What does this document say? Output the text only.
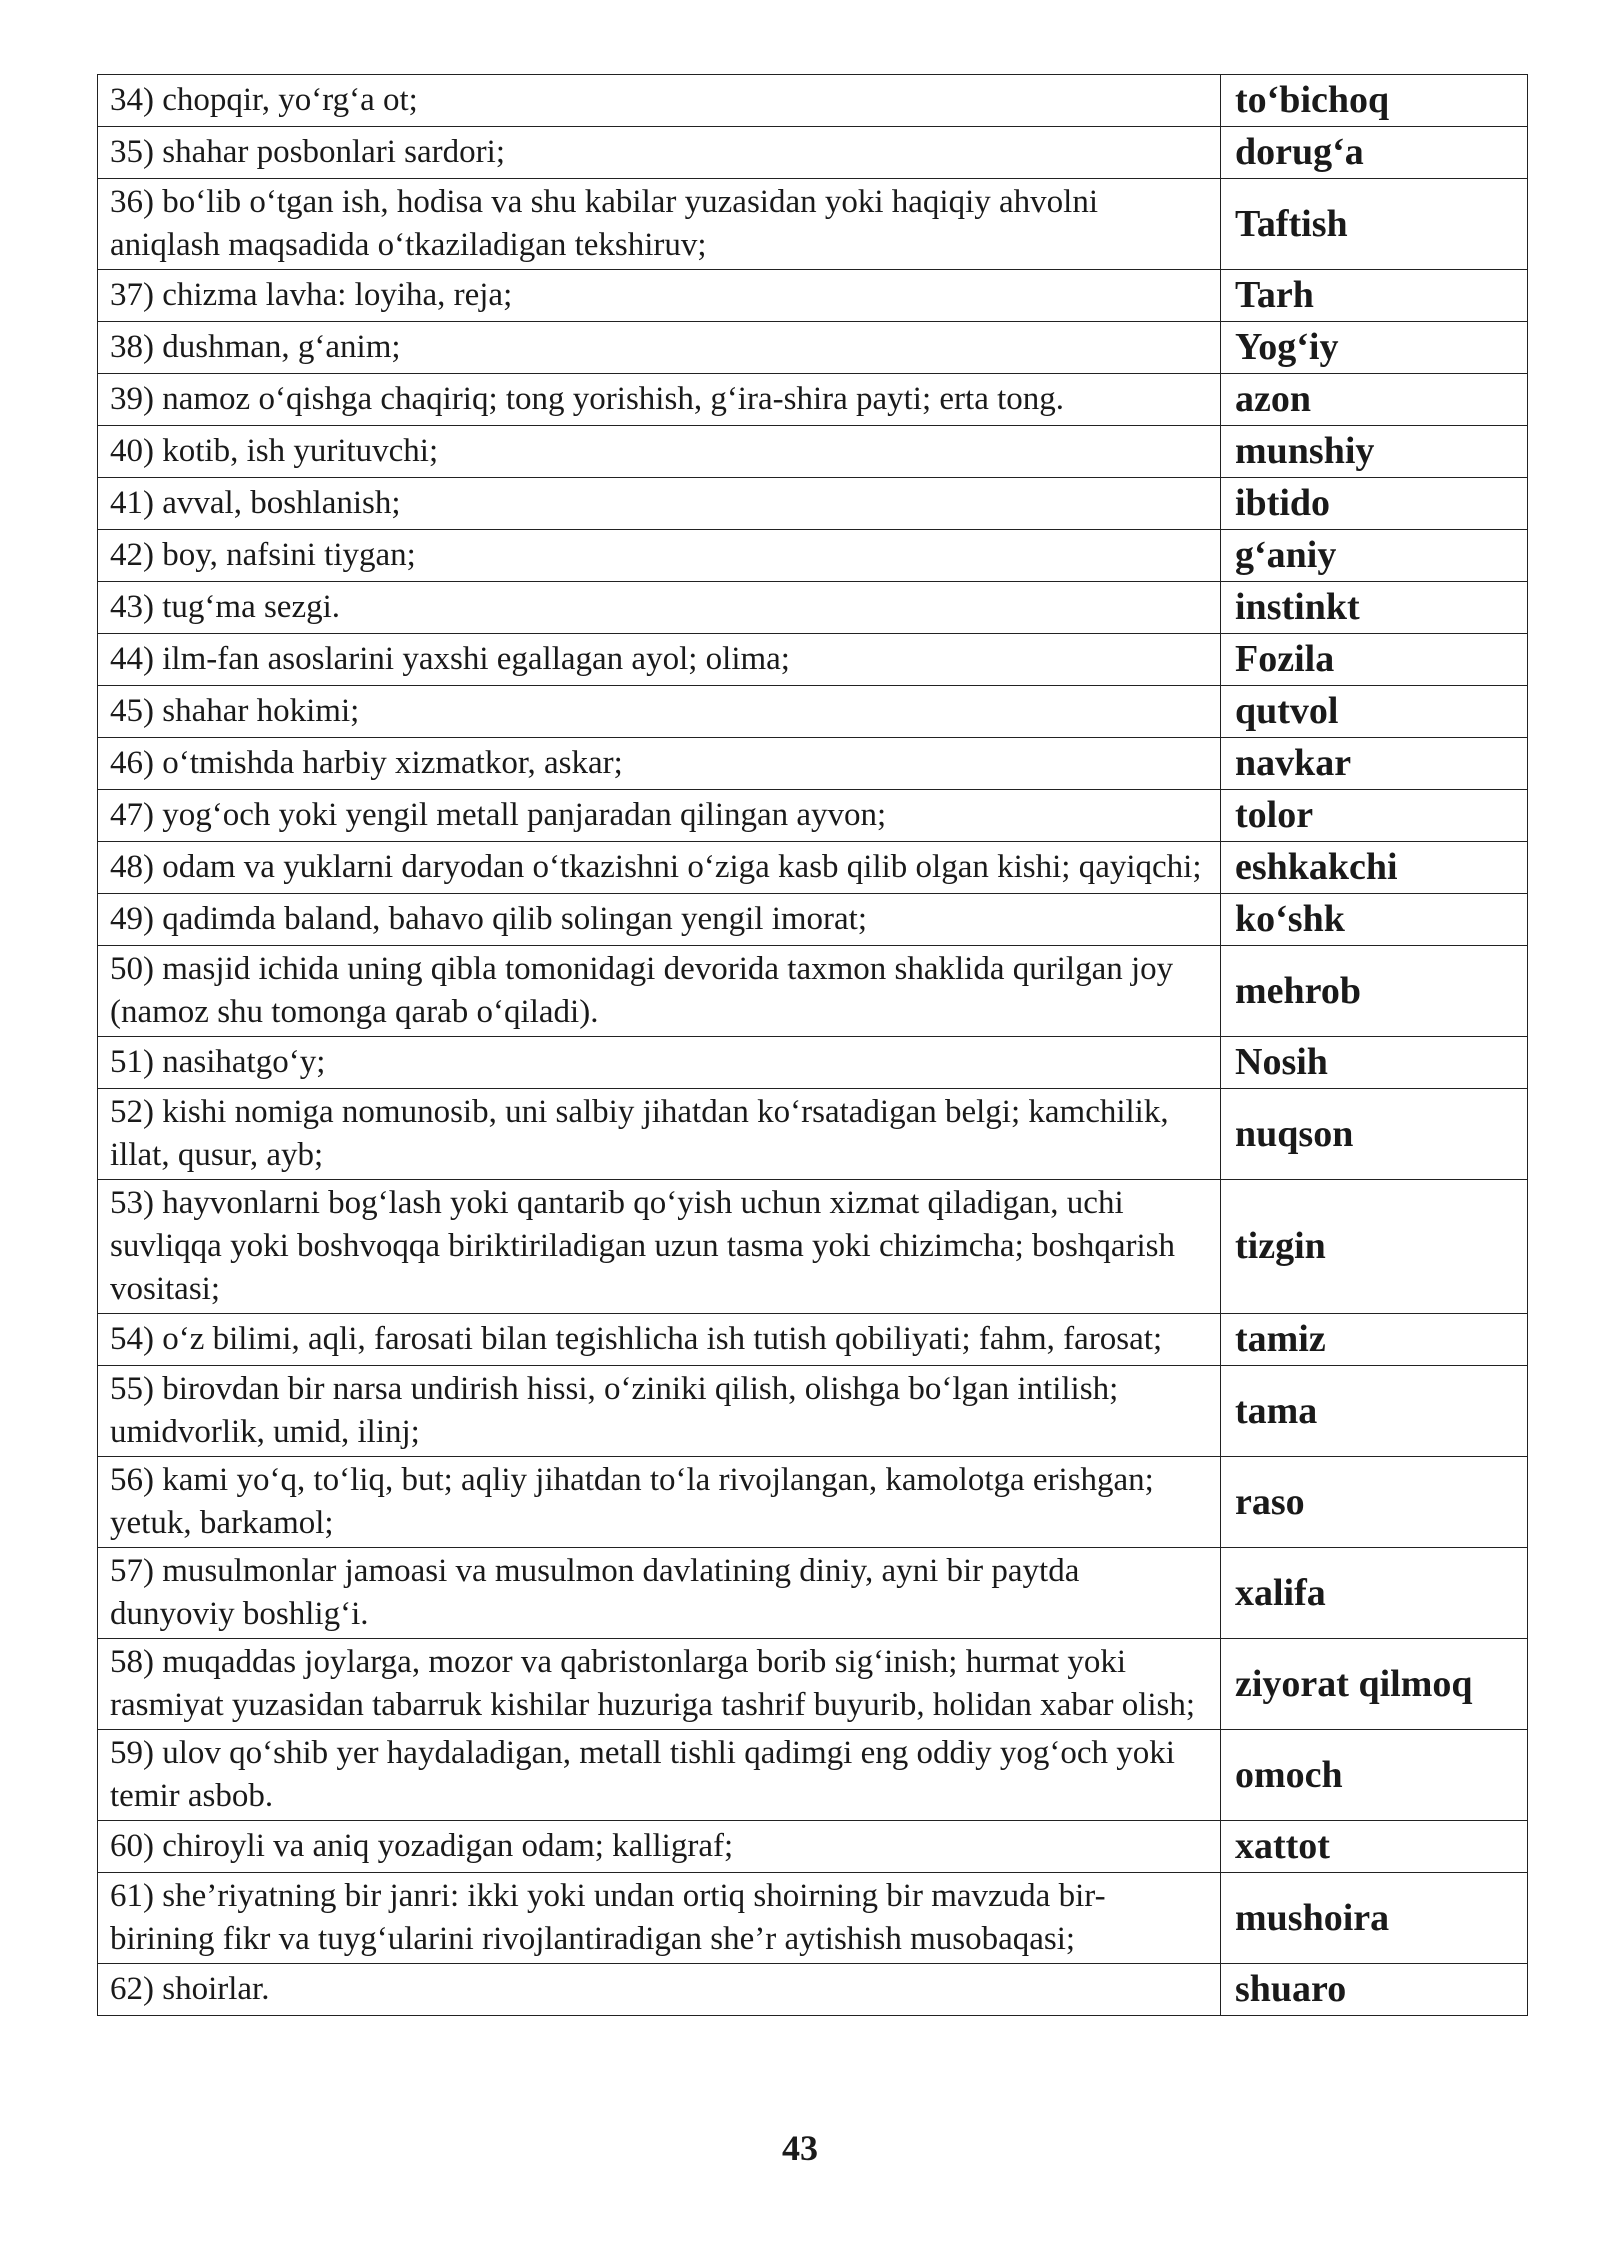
34) chopqir, yo‘rg‘a ot;	to‘bichoq
35) shahar posbonlari sardori;	dorug‘a
36) bo‘lib o‘tgan ish, hodisa va shu kabilar yuzasidan yoki haqiqiy ahvolni aniqlash maqsadida o‘tkaziladigan tekshiruv;	Taftish
37) chizma lavha: loyiha, reja;	Tarh
38) dushman, g‘anim;	Yog‘iy
39) namoz o‘qishga chaqiriq; tong yorishish, g‘ira-shira payti; erta tong.	azon
40) kotib, ish yurituvchi;	munshiy
41) avval, boshlanish;	ibtido
42) boy, nafsini tiygan;	g‘aniy
43) tug‘ma sezgi.	instinkt
44) ilm-fan asoslarini yaxshi egallagan ayol; olima;	Fozila
45) shahar hokimi;	qutvol
46) o‘tmishda harbiy xizmatkor, askar;	navkar
47) yog‘och yoki yengil metall panjaradan qilingan ayvon;	tolor
48) odam va yuklarni daryodan o‘tkazishni o‘ziga kasb qilib olgan kishi; qayiqchi;	eshkakchi
49) qadimda baland, bahavo qilib solingan yengil imorat;	ko‘shk
50) masjid ichida uning qibla tomonidagi devorida taxmon shaklida qurilgan joy (namoz shu tomonga qarab o‘qiladi).	mehrob
51) nasihatgo‘y;	Nosih
52) kishi nomiga nomunosib, uni salbiy jihatdan ko‘rsatadigan belgi; kamchilik, illat, qusur, ayb;	nuqson
53) hayvonlarni bog‘lash yoki qantarib qo‘yish uchun xizmat qiladigan, uchi suvliqqa yoki boshvoqqa biriktiriladigan uzun tasma yoki chizimcha; boshqarish vositasi;	tizgin
54) o‘z bilimi, aqli, farosati bilan tegishlicha ish tutish qobiliyati; fahm, farosat;	tamiz
55) birovdan bir narsa undirish hissi, o‘ziniki qilish, olishga bo‘lgan intilish; umidvorlik, umid, ilinj;	tama
56) kami yo‘q, to‘liq, but; aqliy jihatdan to‘la rivojlangan, kamolotga erishgan; yetuk, barkamol;	raso
57) musulmonlar jamoasi va musulmon davlatining diniy, ayni bir paytda dunyoviy boshlig‘i.	xalifa
58) muqaddas joylarga, mozor va qabristonlarga borib sig‘inish; hurmat yoki rasmiyat yuzasidan tabarruk kishilar huzuriga tashrif buyurib, holidan xabar olish;	ziyorat qilmoq
59) ulov qo‘shib yer haydaladigan, metall tishli qadimgi eng oddiy yog‘och yoki temir asbob.	omoch
60) chiroyli va aniq yozadigan odam; kalligraf;	xattot
61) she’riyatning bir janri: ikki yoki undan ortiq shoirning bir mavzuda bir-birining fikr va tuyg‘ularini rivojlantiradigan she’r aytishish musobaqasi;	mushoira
62) shoirlar.	shuaro
43
